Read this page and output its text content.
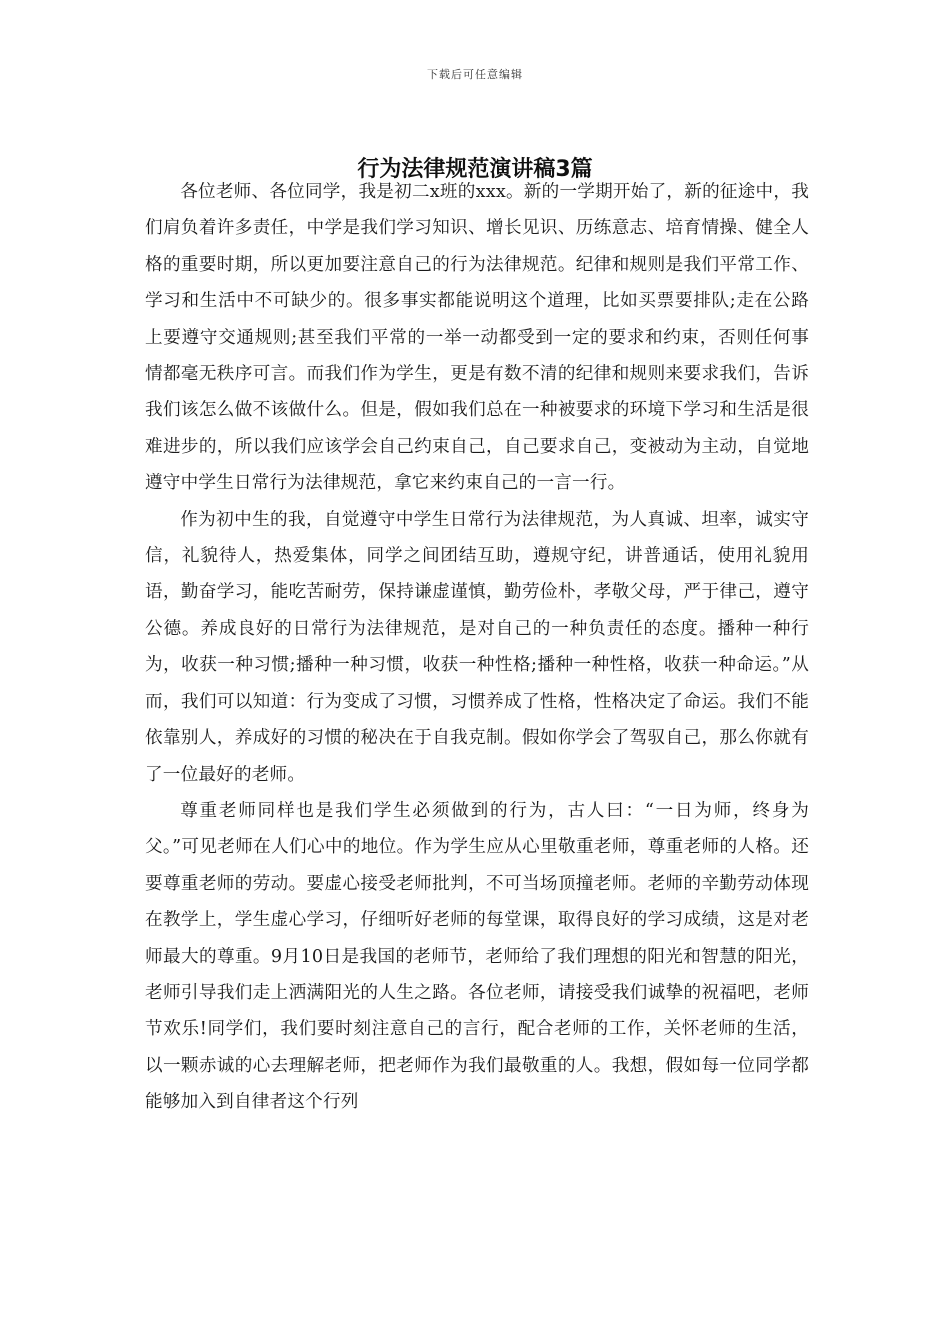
下载后可任意编辑
行为法律规范演讲稿3篇

各位老师、各位同学，我是初二x班的xxx。新的一学期开始了，新的征途中，我们肩负着许多责任，中学是我们学习知识、增长见识、历练意志、培育情操、健全人格的重要时期，所以更加要注意自己的行为法律规范。纪律和规则是我们平常工作、学习和生活中不可缺少的。很多事实都能说明这个道理，比如买票要排队;走在公路上要遵守交通规则;甚至我们平常的一举一动都受到一定的要求和约束，否则任何事情都毫无秩序可言。而我们作为学生，更是有数不清的纪律和规则来要求我们，告诉我们该怎么做不该做什么。但是，假如我们总在一种被要求的环境下学习和生活是很难进步的，所以我们应该学会自己约束自己，自己要求自己，变被动为主动，自觉地遵守中学生日常行为法律规范，拿它来约束自己的一言一行。

作为初中生的我，自觉遵守中学生日常行为法律规范，为人真诚、坦率，诚实守信，礼貌待人，热爱集体，同学之间团结互助，遵规守纪，讲普通话，使用礼貌用语，勤奋学习，能吃苦耐劳，保持谦虚谨慎，勤劳俭朴，孝敬父母，严于律己，遵守公德。养成良好的日常行为法律规范，是对自己的一种负责任的态度。播种一种行为，收获一种习惯;播种一种习惯，收获一种性格;播种一种性格，收获一种命运。”从而，我们可以知道：行为变成了习惯，习惯养成了性格，性格决定了命运。我们不能依靠别人，养成好的习惯的秘决在于自我克制。假如你学会了驾驭自己，那么你就有了一位最好的老师。

尊重老师同样也是我们学生必须做到的行为，古人曰：“一日为师，终身为父。”可见老师在人们心中的地位。作为学生应从心里敬重老师，尊重老师的人格。还要尊重老师的劳动。要虚心接受老师批判，不可当场顶撞老师。老师的辛勤劳动体现在教学上，学生虚心学习，仔细听好老师的每堂课，取得良好的学习成绩，这是对老师最大的尊重。9月10日是我国的老师节，老师给了我们理想的阳光和智慧的阳光，老师引导我们走上洒满阳光的人生之路。各位老师，请接受我们诚挚的祝福吧，老师节欢乐!同学们，我们要时刻注意自己的言行，配合老师的工作，关怀老师的生活，以一颗赤诚的心去理解老师，把老师作为我们最敬重的人。我想，假如每一位同学都能够加入到自律者这个行列
